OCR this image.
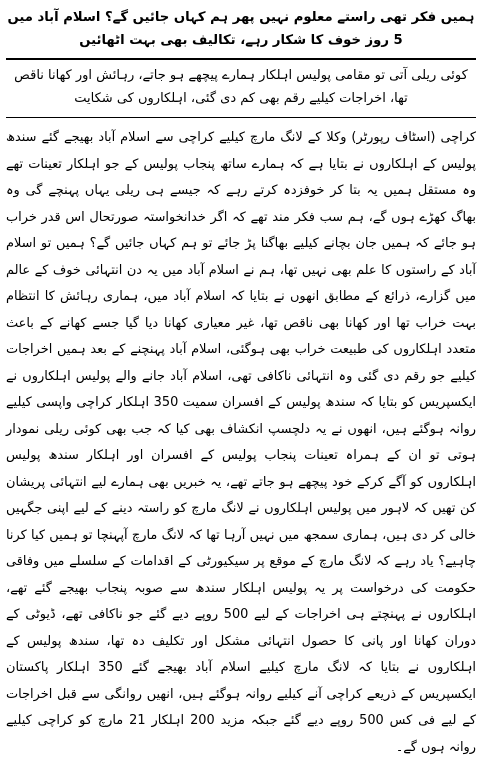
ہمیں فکر تھی راستے معلوم نہیں پھر ہم کہاں جائیں گے؟ اسلام آباد میں 5 روز خوف کا شکار رہے، تکالیف بھی بہت اٹھائیں
کوئی ریلی آتی تو مقامی پولیس اہلکار ہمارے پیچھے ہو جاتے، رہائش اور کھانا ناقص تھا، اخراجات کیلیے رقم بھی کم دی گئی، اہلکاروں کی شکایت

کراچی (اسٹاف رپورٹر) وکلا کے لانگ مارچ کیلیے کراچی سے اسلام آباد بھیجے گئے سندھ پولیس کے اہلکاروں نے بتایا ہے کہ ہمارے ساتھ پنجاب پولیس کے جو اہلکار تعینات تھے وہ مستقل ہمیں یہ بتا کر خوفزدہ کرتے رہے کہ جیسے ہی ریلی یہاں پہنچے گی وہ بھاگ کھڑے ہوں گے، ہم سب فکر مند تھے کہ اگر خدانخواستہ صورتحال اس قدر خراب ہو جائے کہ ہمیں جان بچانے کیلیے بھاگنا پڑ جائے تو ہم کہاں جائیں گے؟ ہمیں تو اسلام آباد کے راستوں کا علم بھی نہیں تھا، ہم نے اسلام آباد میں یہ دن انتہائی خوف کے عالم میں گزارے، ذرائع کے مطابق انھوں نے بتایا کہ اسلام آباد میں، ہماری رہائش کا انتظام بہت خراب تھا اور کھانا بھی ناقص تھا، غیر معیاری کھانا دیا گیا جسے کھانے کے باعث متعدد اہلکاروں کی طبیعت خراب بھی ہوگئی، اسلام آباد پہنچنے کے بعد ہمیں اخراجات کیلیے جو رقم دی گئی وہ انتہائی ناکافی تھی، اسلام آباد جانے والے پولیس اہلکاروں نے ایکسپریس کو بتایا کہ سندھ پولیس کے افسران سمیت 350 اہلکار کراچی واپسی کیلیے روانہ ہوگئے ہیں، انھوں نے یہ دلچسپ انکشاف بھی کیا کہ جب بھی کوئی ریلی نمودار ہوتی تو ان کے ہمراہ تعینات پنجاب پولیس کے افسران اور اہلکار سندھ پولیس اہلکاروں کو آگے کرکے خود پیچھے ہو جاتے تھے، یہ خبریں بھی ہمارے لیے انتہائی پریشان کن تھیں کہ لاہور میں پولیس اہلکاروں نے لانگ مارچ کو راستہ دینے کے لیے اپنی جگہیں خالی کر دی ہیں، ہماری سمجھ میں نہیں آرہا تھا کہ لانگ مارچ آپہنچا تو ہمیں کیا کرنا چاہیے؟ یاد رہے کہ لانگ مارچ کے موقع پر سیکیورٹی کے اقدامات کے سلسلے میں وفاقی حکومت کی درخواست پر یہ پولیس اہلکار سندھ سے صوبہ پنجاب بھیجے گئے تھے، اہلکاروں نے پہنچتے ہی اخراجات کے لیے 500 روپے دیے گئے جو ناکافی تھے، ڈیوٹی کے دوران کھانا اور پانی کا حصول انتہائی مشکل اور تکلیف دہ تھا، سندھ پولیس کے اہلکاروں نے بتایا کہ لانگ مارچ کیلیے اسلام آباد بھیجے گئے 350 اہلکار پاکستان ایکسپریس کے ذریعے کراچی آنے کیلیے روانہ ہوگئے ہیں، انھیں روانگی سے قبل اخراجات کے لیے فی کس 500 روپے دیے گئے جبکہ مزید 200 اہلکار 21 مارچ کو کراچی کیلیے روانہ ہوں گے۔
